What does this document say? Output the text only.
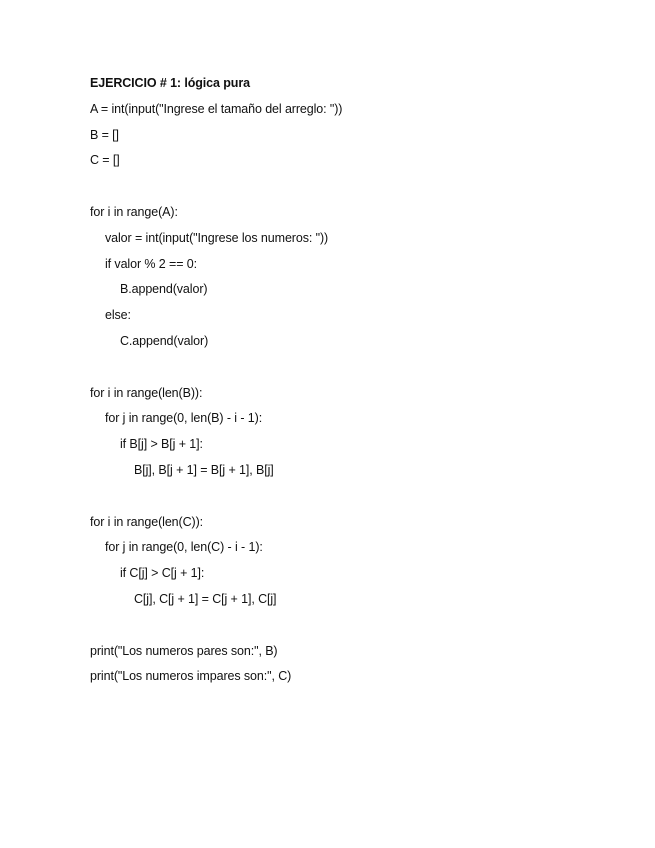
EJERCICIO # 1: lógica pura
A = int(input("Ingrese el tamaño del arreglo: "))
B = []
C = []
for i in range(A):
valor = int(input("Ingrese los numeros: "))
if valor % 2 == 0:
B.append(valor)
else:
C.append(valor)
for i in range(len(B)):
for j in range(0, len(B) - i - 1):
if B[j] > B[j + 1]:
B[j], B[j + 1] = B[j + 1], B[j]
for i in range(len(C)):
for j in range(0, len(C) - i - 1):
if C[j] > C[j + 1]:
C[j], C[j + 1] = C[j + 1], C[j]
print("Los numeros pares son:", B)
print("Los numeros impares son:", C)
